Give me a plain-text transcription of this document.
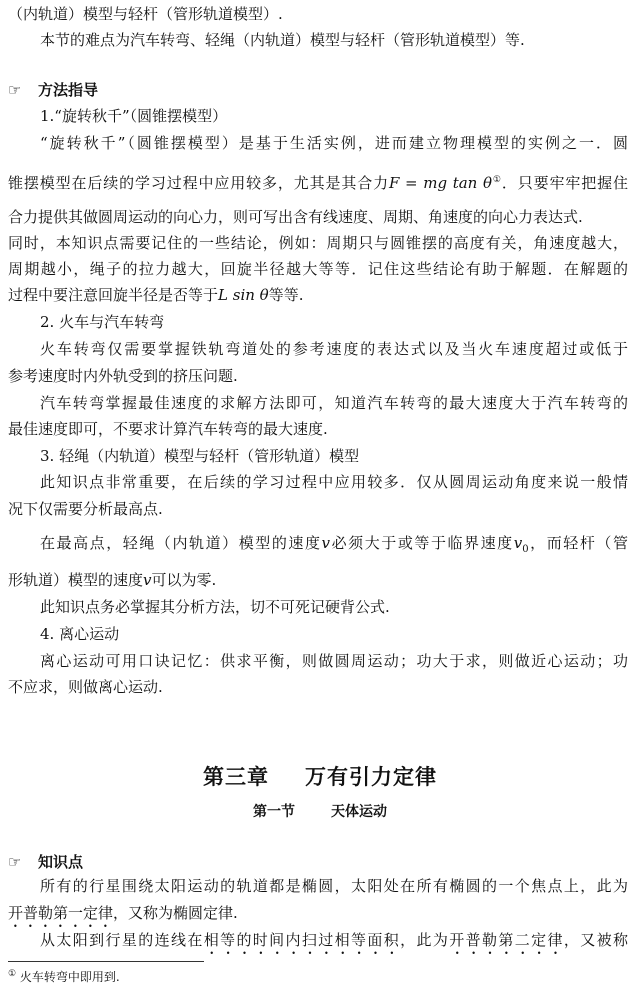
（内轨道）模型与轻杆（管形轨道模型）.
本节的难点为汽车转弯、轻绳（内轨道）模型与轻杆（管形轨道模型）等.
☞ 方法指导
1.“旋转秋千”（圆锥摆模型）
“旋转秋千”（圆锥摆模型）是基于生活实例，进而建立物理模型的实例之一．圆
锥摆模型在后续的学习过程中应用较多，尤其是其合力F = mg tan θ①．只要牢牢把握住
合力提供其做圆周运动的向心力，则可写出含有线速度、周期、角速度的向心力表达式.
同时，本知识点需要记住的一些结论，例如：周期只与圆锥摆的高度有关，角速度越大，
周期越小，绳子的拉力越大，回旋半径越大等等．记住这些结论有助于解题．在解题的
过程中要注意回旋半径是否等于L sin θ等等.
2. 火车与汽车转弯
火车转弯仅需要掌握铁轨弯道处的参考速度的表达式以及当火车速度超过或低于
参考速度时内外轨受到的挤压问题.
汽车转弯掌握最佳速度的求解方法即可，知道汽车转弯的最大速度大于汽车转弯的
最佳速度即可，不要求计算汽车转弯的最大速度.
3. 轻绳（内轨道）模型与轻杆（管形轨道）模型
此知识点非常重要，在后续的学习过程中应用较多．仅从圆周运动角度来说一般情
况下仅需要分析最高点.
在最高点，轻绳（内轨道）模型的速度v必须大于或等于临界速度$v_0$，而轻杆（管
形轨道）模型的速度v可以为零.
此知识点务必掌握其分析方法，切不可死记硬背公式.
4. 离心运动
离心运动可用口诀记忆：供求平衡，则做圆周运动；功大于求，则做近心运动；功
不应求，则做离心运动.
第三章 万有引力定律
第一节	天体运动
☞ 知识点
所有的行星围绕太阳运动的轨道都是椭圆，太阳处在所有椭圆的一个焦点上，此为
开普勒第一定律，又称为椭圆定律.
从太阳到行星的连线在相等的时间内扫过相等面积，此为开普勒第二定律，又被称
① 火车转弯中即用到.
